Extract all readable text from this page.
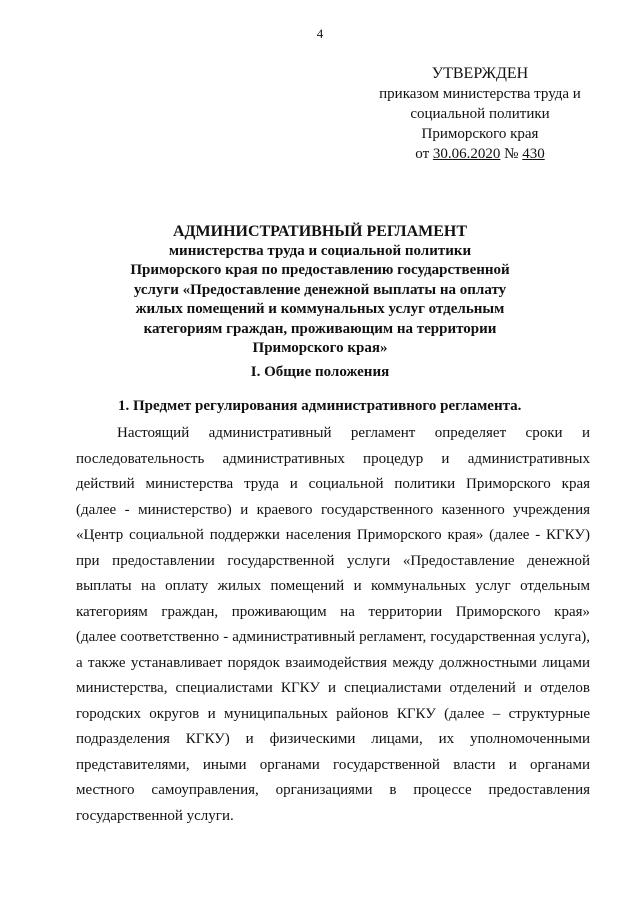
4
УТВЕРЖДЕН
приказом министерства труда и
социальной политики
Приморского края
от 30.06.2020 № 430
АДМИНИСТРАТИВНЫЙ РЕГЛАМЕНТ
министерства труда и социальной политики
Приморского края по предоставлению государственной
услуги «Предоставление денежной выплаты на оплату
жилых помещений и коммунальных услуг отдельным
категориям граждан, проживающим на территории
Приморского края»
I. Общие положения
1. Предмет регулирования административного регламента.
Настоящий административный регламент определяет сроки и
последовательность административных процедур и административных
действий министерства труда и социальной политики Приморского края
(далее - министерство) и краевого государственного казенного учреждения
«Центр социальной поддержки населения Приморского края» (далее - КГКУ)
при предоставлении государственной услуги «Предоставление денежной
выплаты на оплату жилых помещений и коммунальных услуг отдельным
категориям граждан, проживающим на территории Приморского края»
(далее соответственно - административный регламент, государственная услуга),
а также устанавливает порядок взаимодействия между должностными лицами
министерства, специалистами КГКУ и специалистами отделений и отделов
городских округов и муниципальных районов КГКУ (далее – структурные
подразделения КГКУ) и физическими лицами, их уполномоченными
представителями, иными органами государственной власти и органами
местного самоуправления, организациями в процессе предоставления
государственной услуги.
